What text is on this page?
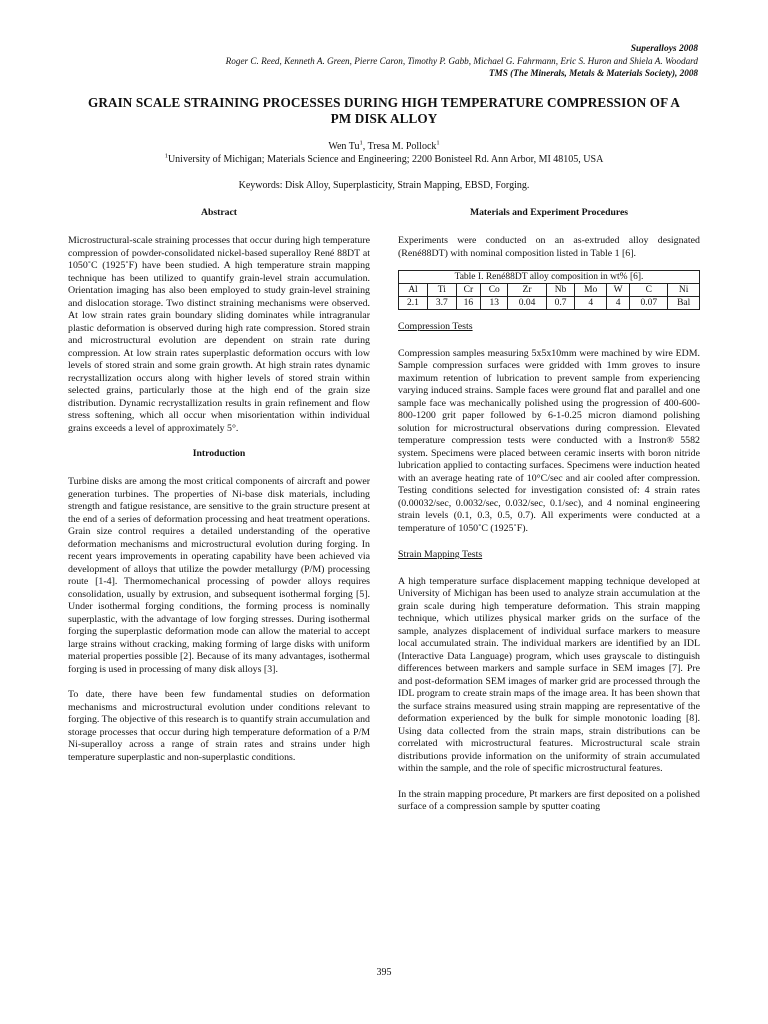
Superalloys 2008
Roger C. Reed, Kenneth A. Green, Pierre Caron, Timothy P. Gabb, Michael G. Fahrmann, Eric S. Huron and Shiela A. Woodard
TMS (The Minerals, Metals & Materials Society), 2008
GRAIN SCALE STRAINING PROCESSES DURING HIGH TEMPERATURE COMPRESSION OF A
PM DISK ALLOY
Wen Tu$^1$, Tresa M. Pollock$^1$
$^1$University of Michigan; Materials Science and Engineering; 2200 Bonisteel Rd. Ann Arbor, MI 48105, USA
Keywords: Disk Alloy, Superplasticity, Strain Mapping, EBSD, Forging.
Abstract

Microstructural-scale straining processes that occur during high temperature compression of powder-consolidated nickel-based superalloy René 88DT at 1050˚C (1925˚F) have been studied. A high temperature strain mapping technique has been utilized to quantify grain-level strain accumulation. Orientation imaging has also been employed to study grain-level straining and dislocation storage. Two distinct straining mechanisms were observed. At low strain rates grain boundary sliding dominates while intragranular plastic deformation is observed during high rate compression. Stored strain and microstructural evolution are dependent on strain rate during compression. At low strain rates superplastic deformation occurs with low levels of stored strain and some grain growth. At high strain rates dynamic recrystallization occurs along with higher levels of stored strain within selected grains, particularly those at the high end of the grain size distribution. Dynamic recrystallization results in grain refinement and flow stress softening, which all occur when misorientation within individual grains exceeds a level of approximately 5°.

Introduction

Turbine disks are among the most critical components of aircraft and power generation turbines. The properties of Ni-base disk materials, including strength and fatigue resistance, are sensitive to the grain structure present at the end of a series of deformation processing and heat treatment operations. Grain size control requires a detailed understanding of the operative deformation mechanisms and microstructural evolution during forging. In recent years improvements in operating capability have been achieved via development of alloys that utilize the powder metallurgy (P/M) processing route [1-4]. Thermomechanical processing of powder alloys requires consolidation, usually by extrusion, and subsequent isothermal forging [5]. Under isothermal forging conditions, the forming process is nominally superplastic, with the advantage of low forging stresses. During isothermal forging the superplastic deformation mode can allow the material to accept large strains without cracking, making forming of large disks with uniform material properties possible [2]. Because of its many advantages, isothermal forging is used in processing of many disk alloys [3].

To date, there have been few fundamental studies on deformation mechanisms and microstructural evolution under conditions relevant to forging. The objective of this research is to quantify strain accumulation and storage processes that occur during high temperature deformation of a P/M Ni-superalloy across a range of strain rates and strains under high temperature superplastic and non-superplastic conditions.

Materials and Experiment Procedures

Experiments were conducted on an as-extruded alloy designated (René88DT) with nominal composition listed in Table 1 [6].

Table I. René88DT alloy composition in wt% [6].									
Al	Ti	Cr	Co	Zr	Nb	Mo	W	C	Ni
2.1	3.7	16	13	0.04	0.7	4	4	0.07	Bal
Compression Tests

Compression samples measuring 5x5x10mm were machined by wire EDM. Sample compression surfaces were gridded with 1mm groves to insure maximum retention of lubrication to prevent sample from experiencing varying induced strains. Sample faces were ground flat and parallel and one sample face was mechanically polished using the progression of 400-600-800-1200 grit paper followed by 6-1-0.25 micron diamond polishing solution for microstructural observations during compression. Elevated temperature compression tests were conducted with a Instron® 5582 system. Specimens were placed between ceramic inserts with boron nitride lubrication applied to contacting surfaces. Specimens were induction heated with an average heating rate of 10°C/sec and air cooled after compression. Testing conditions selected for investigation consisted of: 4 strain rates (0.00032/sec, 0.0032/sec, 0.032/sec, 0.1/sec), and 4 nominal engineering strain levels (0.1, 0.3, 0.5, 0.7). All experiments were conducted at a temperature of 1050˚C (1925˚F).

Strain Mapping Tests

A high temperature surface displacement mapping technique developed at University of Michigan has been used to analyze strain accumulation at the grain scale during high temperature deformation. This strain mapping technique, which utilizes physical marker grids on the surface of the sample, analyzes displacement of individual surface markers to measure local accumulated strain. The individual markers are identified by an IDL (Interactive Data Language) program, which uses grayscale to distinguish differences between markers and sample surface in SEM images [7]. Pre and post-deformation SEM images of marker grid are processed through the IDL program to create strain maps of the image area. It has been shown that the surface strains measured using strain mapping are representative of the deformation experienced by the bulk for simple monotonic loading [8]. Using data collected from the strain maps, strain distributions can be correlated with microstructural features. Microstructural scale strain distributions provide information on the uniformity of strain accumulated within the sample, and the role of specific microstructural features.

In the strain mapping procedure, Pt markers are first deposited on a polished surface of a compression sample by sputter coating

395
